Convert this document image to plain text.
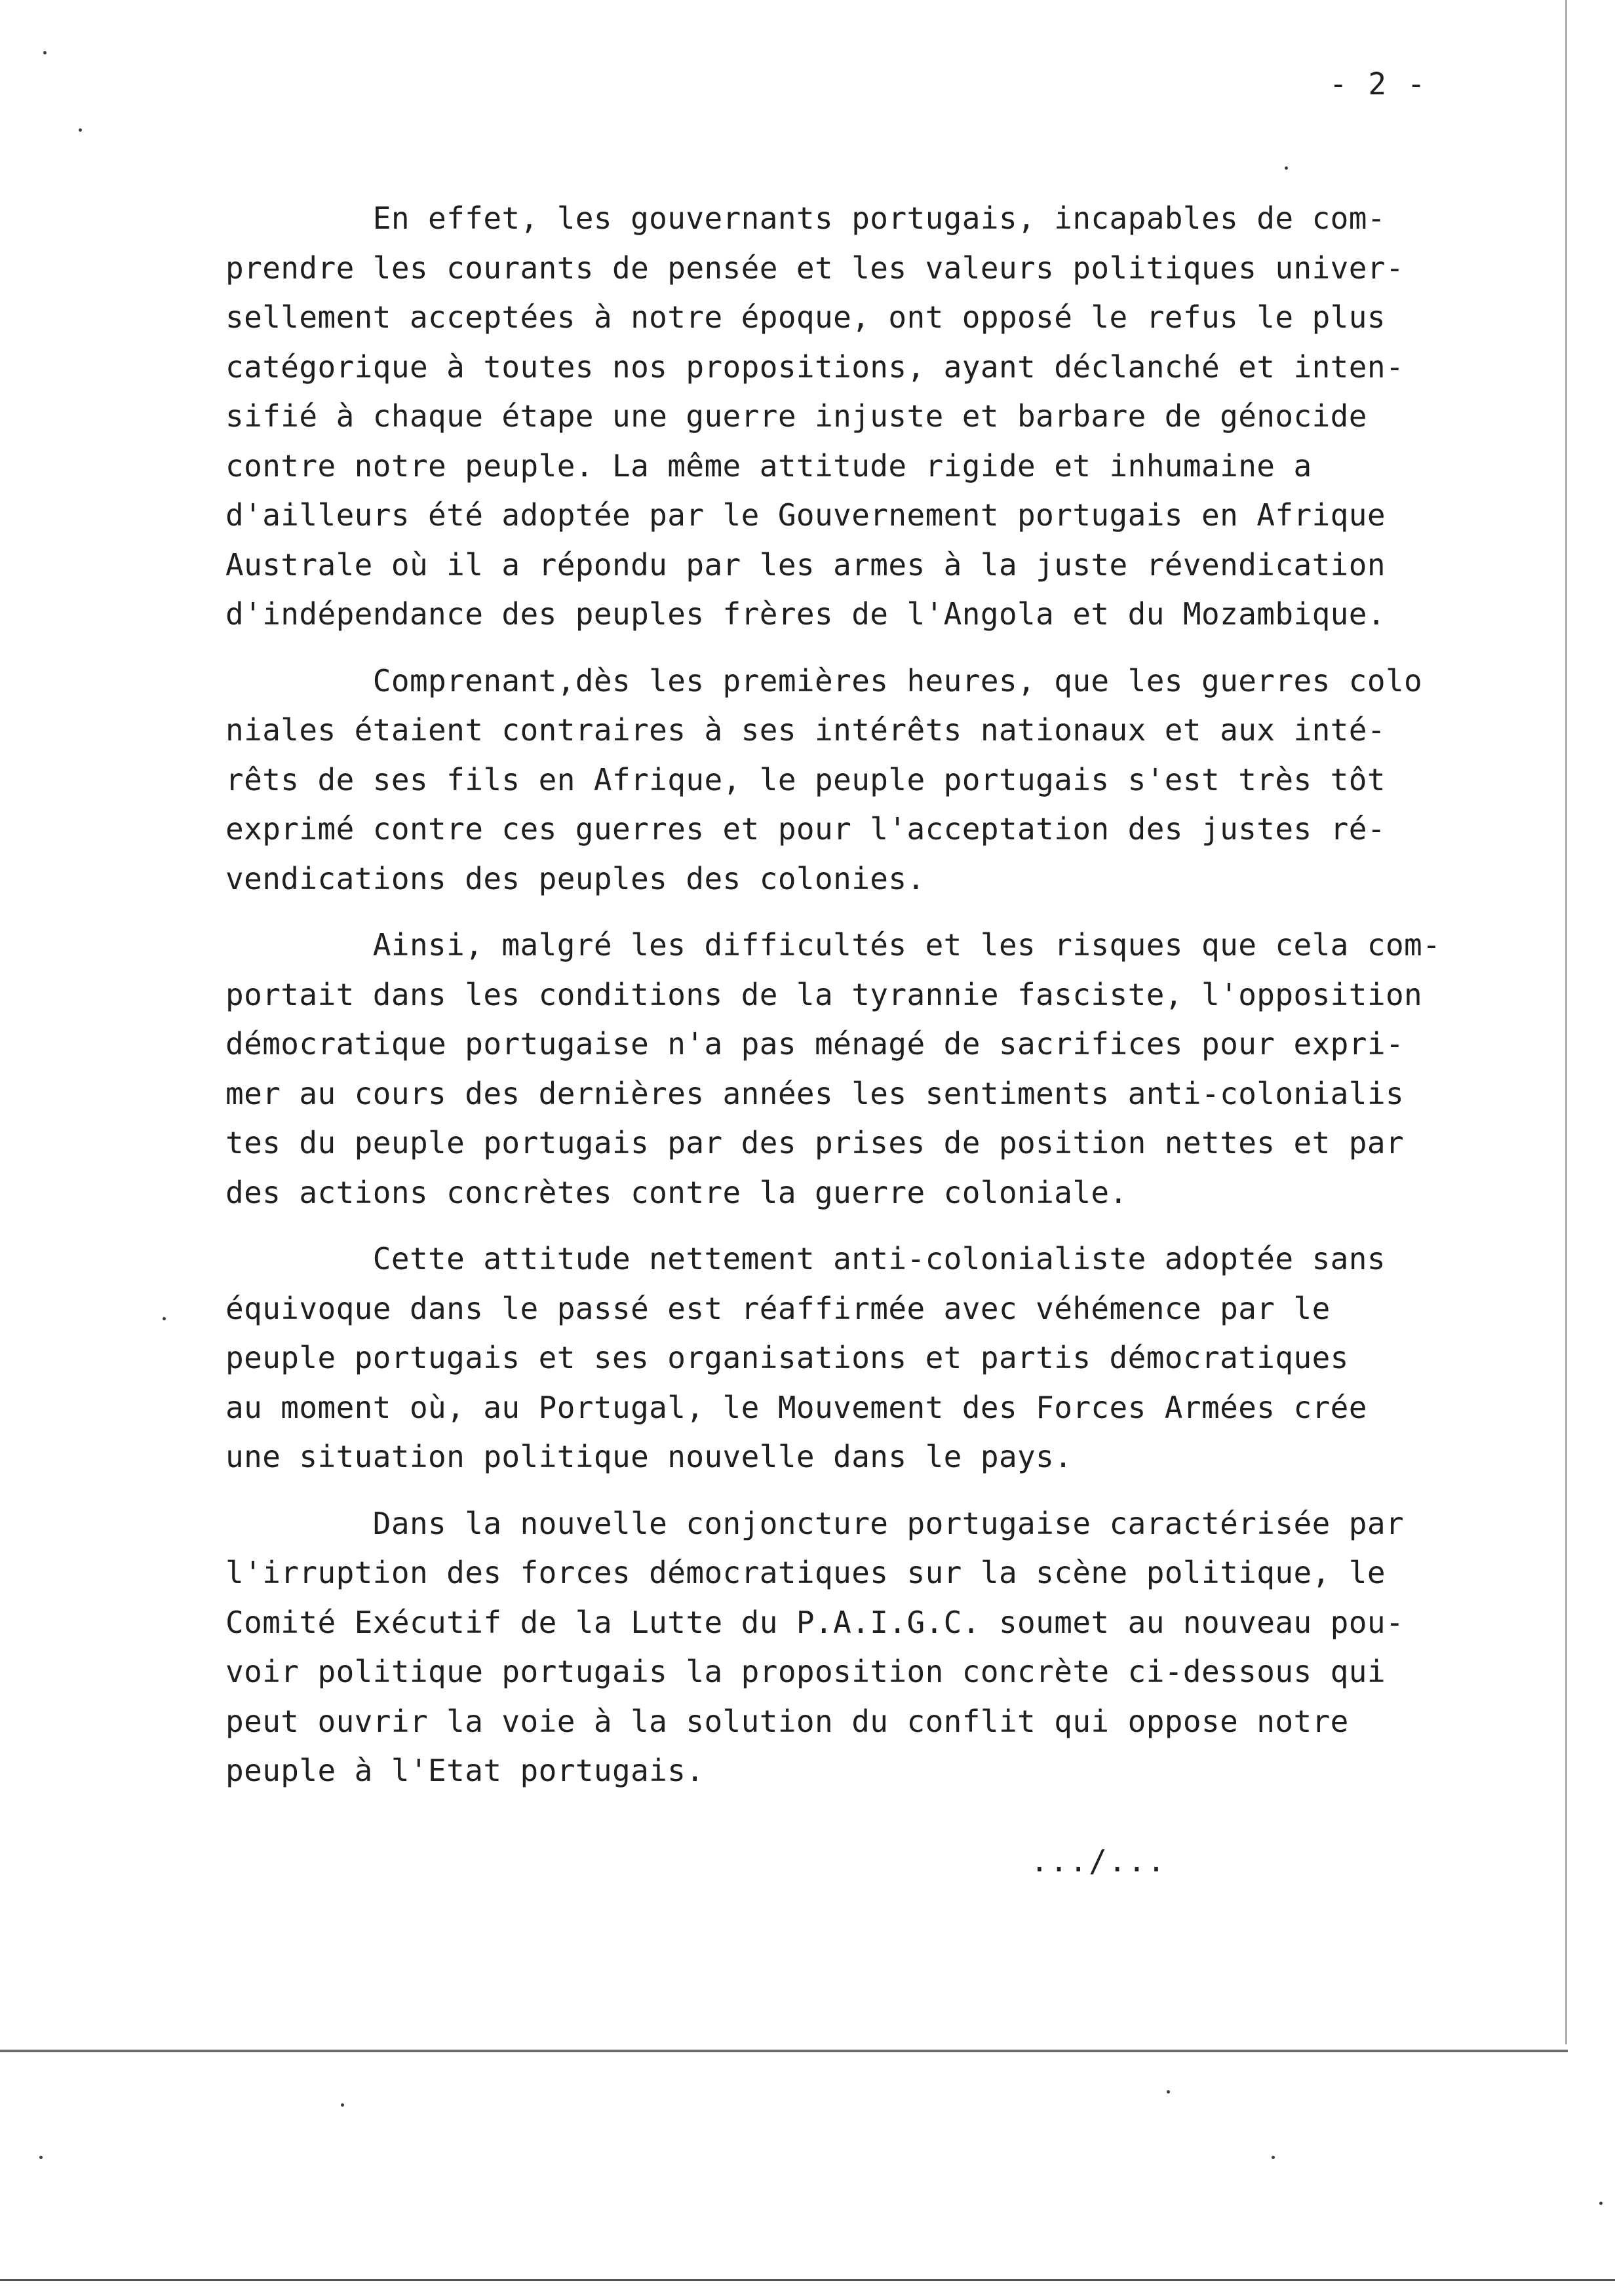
- 2 -
En effet, les gouvernants portugais, incapables de com-
prendre les courants de pensée et les valeurs politiques univer-
sellement acceptées à notre époque, ont opposé le refus le plus
catégorique à toutes nos propositions, ayant déclanché et inten-
sifié à chaque étape une guerre injuste et barbare de génocide
contre notre peuple. La même attitude rigide et inhumaine a
d'ailleurs été adoptée par le Gouvernement portugais en Afrique
Australe où il a répondu par les armes à la juste révendication
d'indépendance des peuples frères de l'Angola et du Mozambique.
Comprenant,dès les premières heures, que les guerres colo
niales étaient contraires à ses intérêts nationaux et aux inté-
rêts de ses fils en Afrique, le peuple portugais s'est très tôt
exprimé contre ces guerres et pour l'acceptation des justes ré-
vendications des peuples des colonies.
Ainsi, malgré les difficultés et les risques que cela com-
portait dans les conditions de la tyrannie fasciste, l'opposition
démocratique portugaise n'a pas ménagé de sacrifices pour expri-
mer au cours des dernières années les sentiments anti-colonialis
tes du peuple portugais par des prises de position nettes et par
des actions concrètes contre la guerre coloniale.
Cette attitude nettement anti-colonialiste adoptée sans
équivoque dans le passé est réaffirmée avec véhémence par le
peuple portugais et ses organisations et partis démocratiques
au moment où, au Portugal, le Mouvement des Forces Armées crée
une situation politique nouvelle dans le pays.
Dans la nouvelle conjoncture portugaise caractérisée par
l'irruption des forces démocratiques sur la scène politique, le
Comité Exécutif de la Lutte du P.A.I.G.C. soumet au nouveau pou-
voir politique portugais la proposition concrète ci-dessous qui
peut ouvrir la voie à la solution du conflit qui oppose notre
peuple à l'Etat portugais.
.../...
